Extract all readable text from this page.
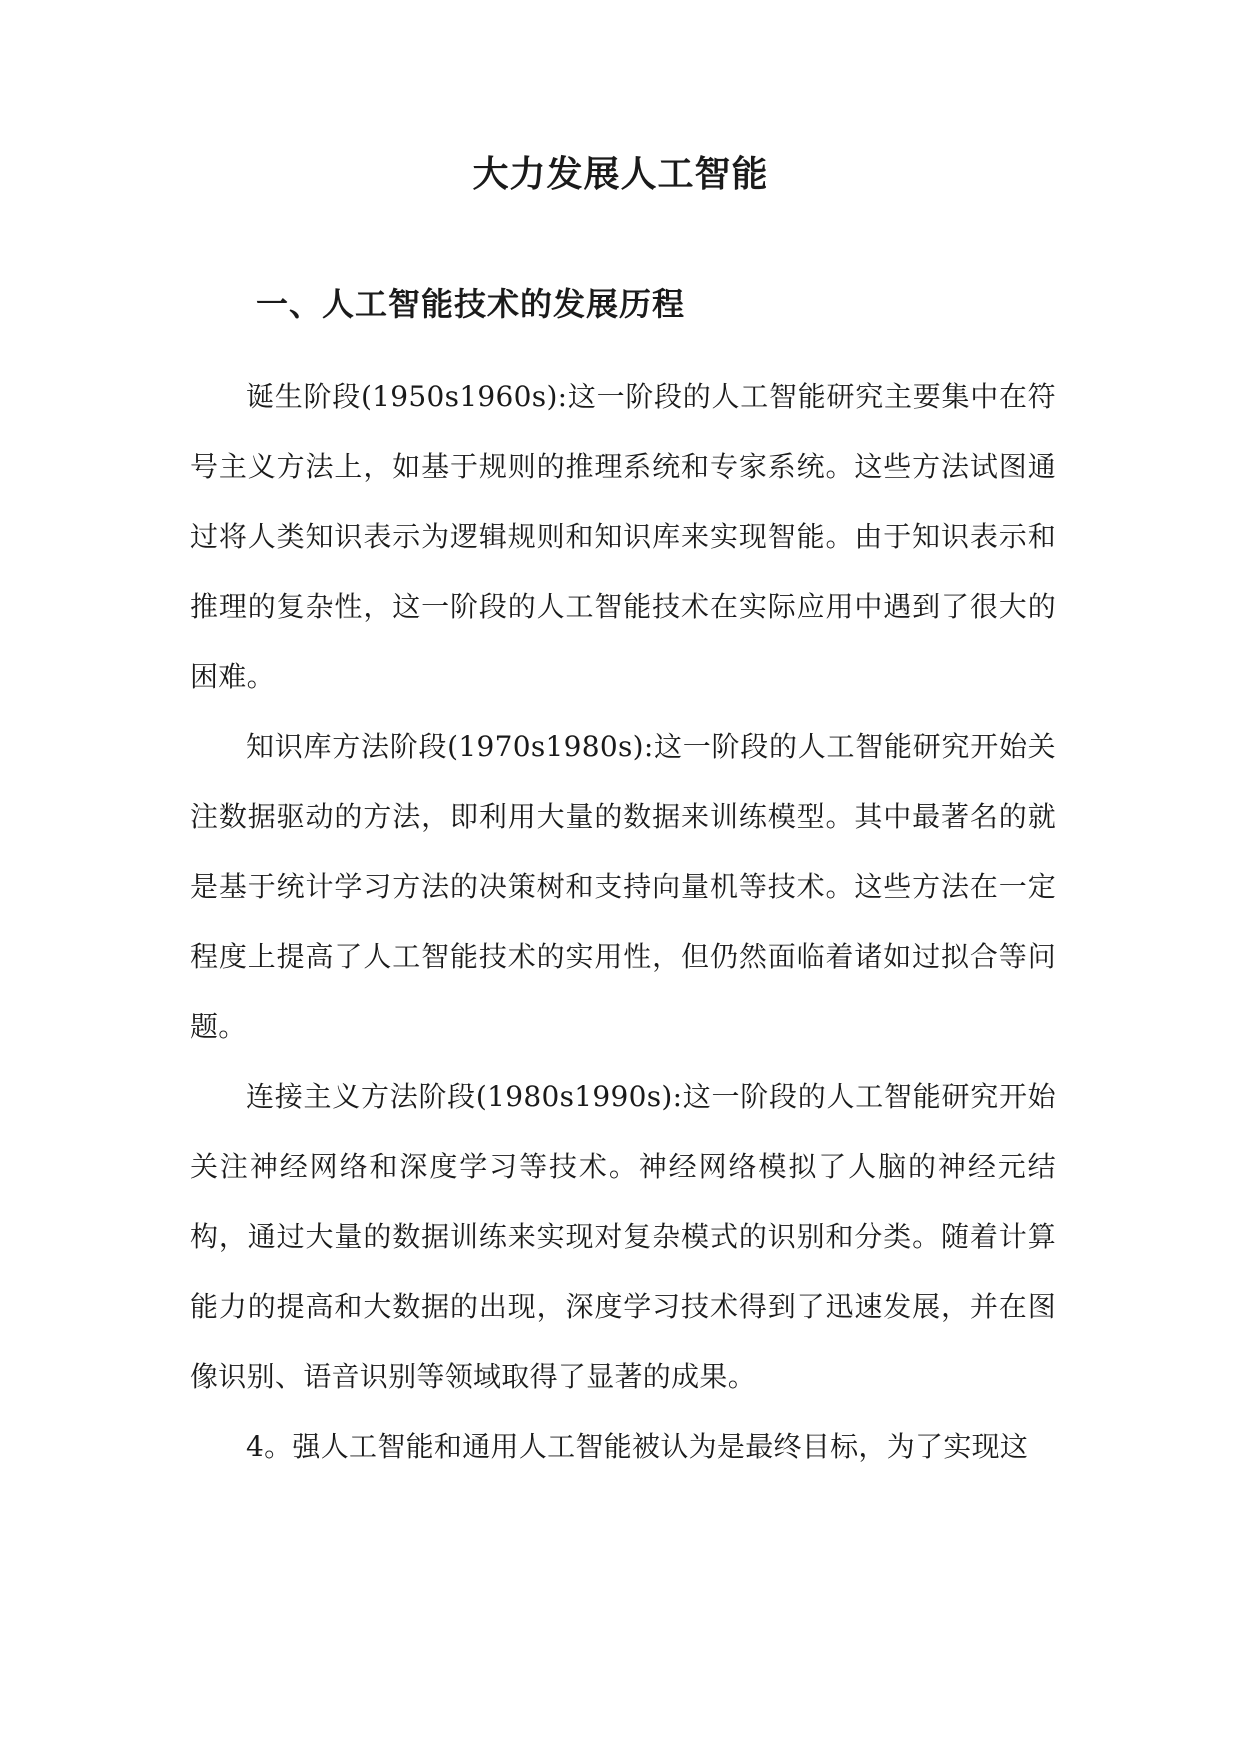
大力发展人工智能
一、人工智能技术的发展历程

诞生阶段(1950s1960s):这一阶段的人工智能研究主要集中在符号主义方法上，如基于规则的推理系统和专家系统。这些方法试图通过将人类知识表示为逻辑规则和知识库来实现智能。由于知识表示和推理的复杂性，这一阶段的人工智能技术在实际应用中遇到了很大的困难。

知识库方法阶段(1970s1980s):这一阶段的人工智能研究开始关注数据驱动的方法，即利用大量的数据来训练模型。其中最著名的就是基于统计学习方法的决策树和支持向量机等技术。这些方法在一定程度上提高了人工智能技术的实用性，但仍然面临着诸如过拟合等问题。

连接主义方法阶段(1980s1990s):这一阶段的人工智能研究开始关注神经网络和深度学习等技术。神经网络模拟了人脑的神经元结构，通过大量的数据训练来实现对复杂模式的识别和分类。随着计算能力的提高和大数据的出现，深度学习技术得到了迅速发展，并在图像识别、语音识别等领域取得了显著的成果。

4。强人工智能和通用人工智能被认为是最终目标，为了实现这
